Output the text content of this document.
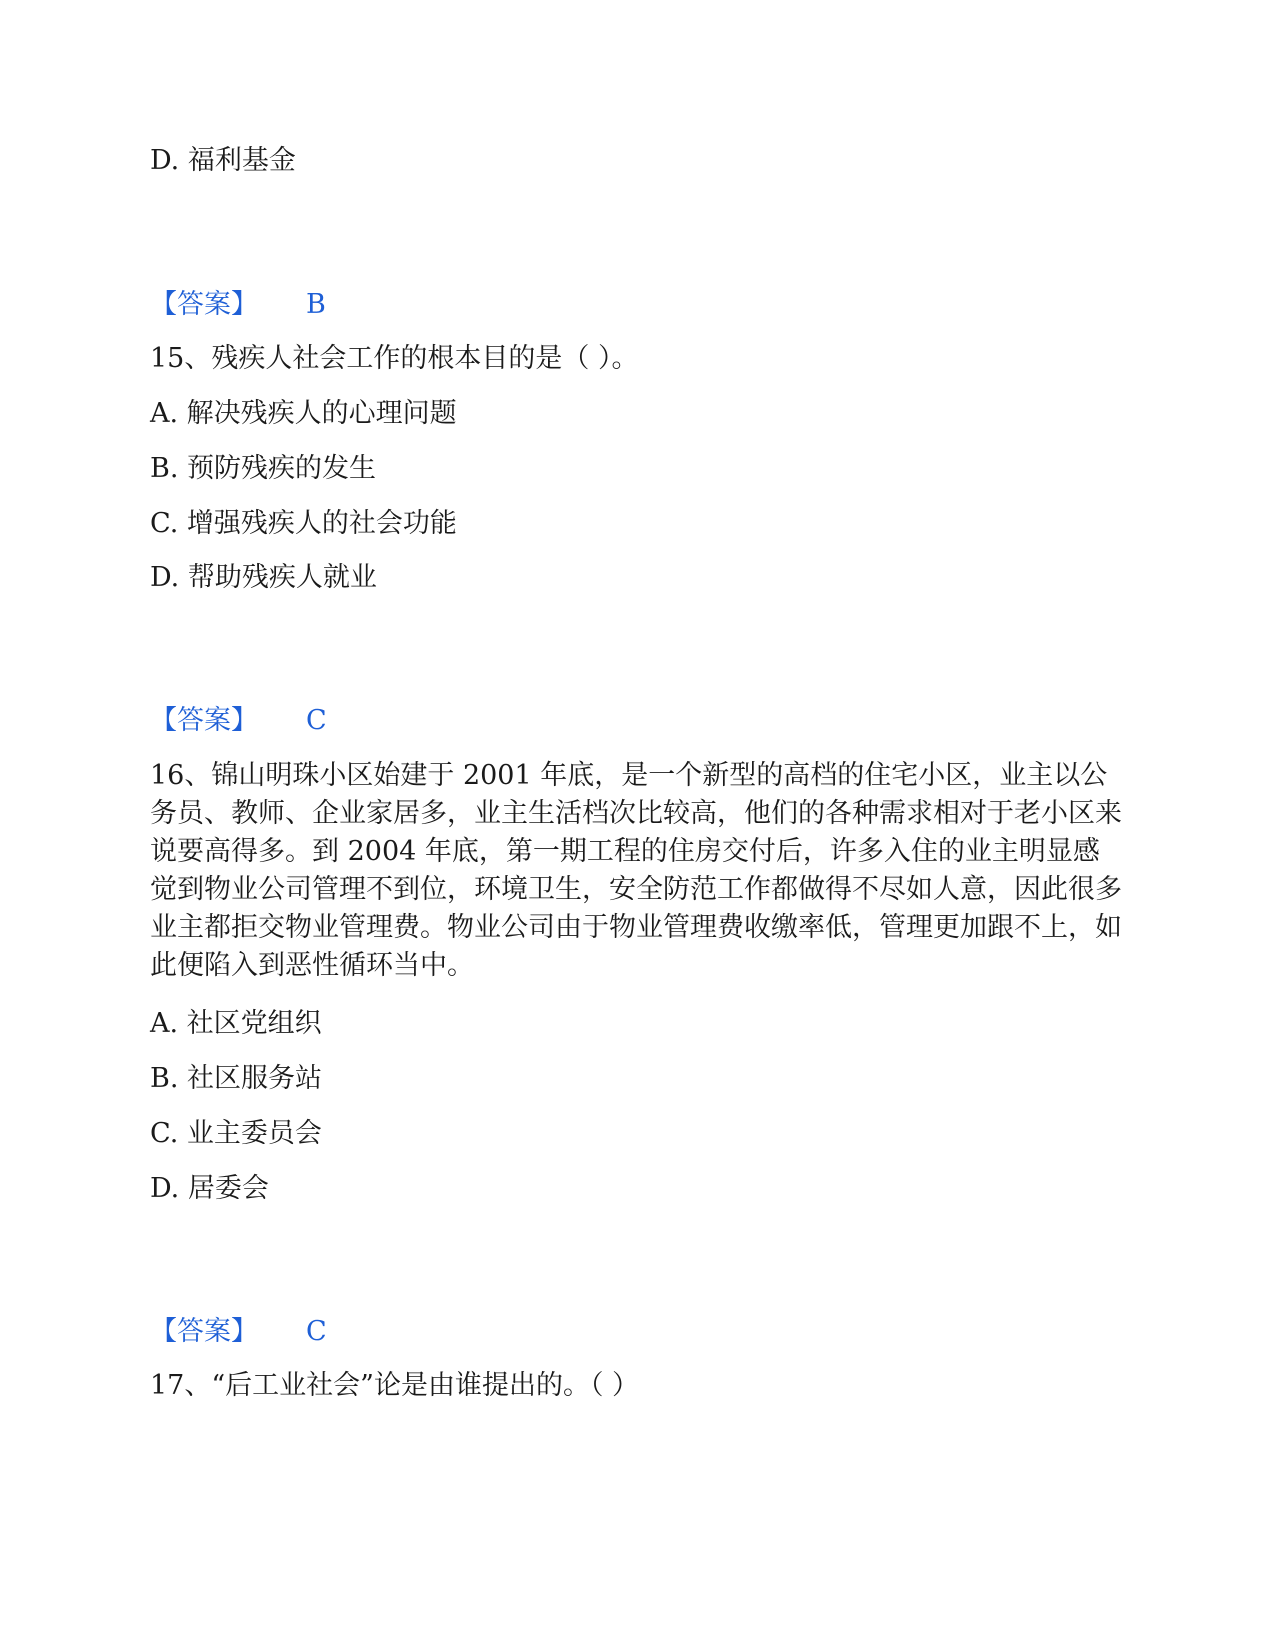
D. 福利基金
【答案】 B
15、残疾人社会工作的根本目的是（ ）。
A. 解决残疾人的心理问题
B. 预防残疾的发生
C. 增强残疾人的社会功能
D. 帮助残疾人就业
【答案】 C
16、锦山明珠小区始建于 2001 年底，是一个新型的高档的住宅小区，业主以公务员、教师、企业家居多，业主生活档次比较高，他们的各种需求相对于老小区来说要高得多。到 2004 年底，第一期工程的住房交付后，许多入住的业主明显感觉到物业公司管理不到位，环境卫生，安全防范工作都做得不尽如人意，因此很多业主都拒交物业管理费。物业公司由于物业管理费收缴率低，管理更加跟不上，如此便陷入到恶性循环当中。
A. 社区党组织
B. 社区服务站
C. 业主委员会
D. 居委会
【答案】 C
17、“后工业社会”论是由谁提出的。（ ）
